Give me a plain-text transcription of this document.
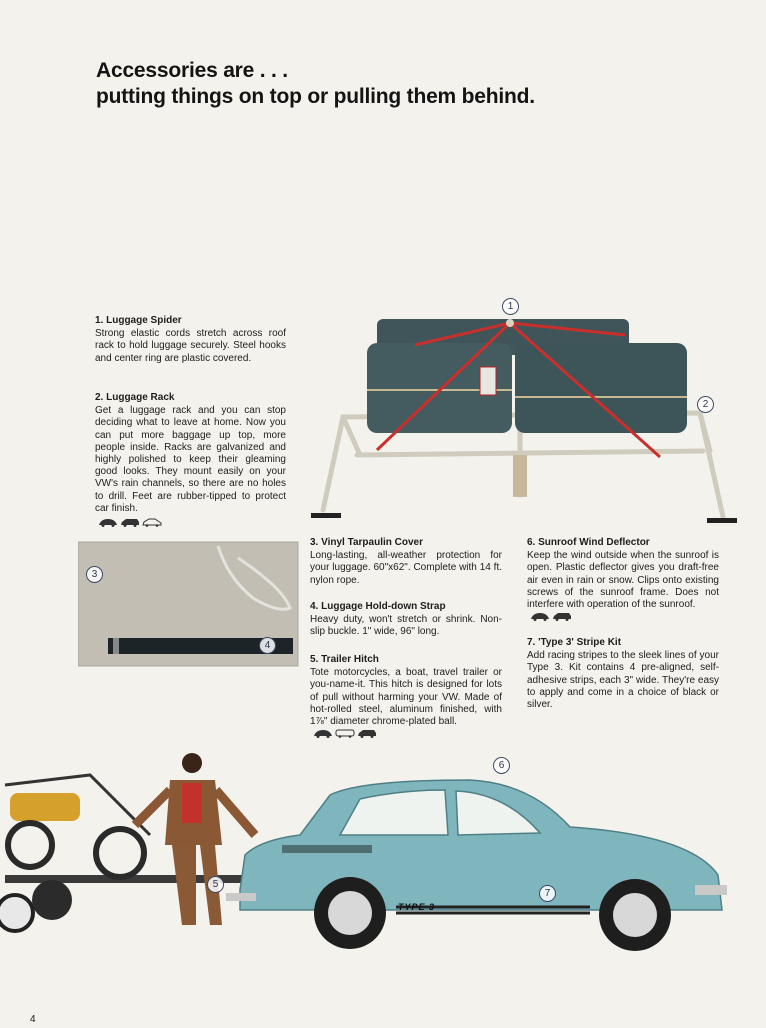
Accessories are . . .
putting things on top or pulling them behind.
1. Luggage Spider

Strong elastic cords stretch across roof rack to hold luggage securely. Steel hooks and center ring are plastic covered.

2. Luggage Rack

Get a luggage rack and you can stop deciding what to leave at home. Now you can put more baggage up top, more people inside. Racks are galvanized and highly polished to keep their gleaming good looks. They mount easily on your VW's rain channels, so there are no holes to drill. Feet are rubber-tipped to protect car finish.

3. Vinyl Tarpaulin Cover

Long-lasting, all-weather protection for your luggage. 60"x62". Complete with 14 ft. nylon rope.

4. Luggage Hold-down Strap

Heavy duty, won't stretch or shrink. Non-slip buckle. 1" wide, 96" long.

5. Trailer Hitch

Tote motorcycles, a boat, travel trailer or you-name-it. This hitch is designed for lots of pull without harming your VW. Made of hot-rolled steel, aluminum finished, with 1⅞" diameter chrome-plated ball.

6. Sunroof Wind Deflector

Keep the wind outside when the sunroof is open. Plastic deflector gives you draft-free air even in rain or snow. Clips onto existing screws of the sunroof frame. Does not interfere with operation of the sunroof.

7. 'Type 3' Stripe Kit

Add racing stripes to the sleek lines of your Type 3. Kit contains 4 pre-aligned, self-adhesive strips, each 3" wide. They're easy to apply and come in a choice of black or silver.

1
2
3
4
TYPE 3
6
5
7
4
